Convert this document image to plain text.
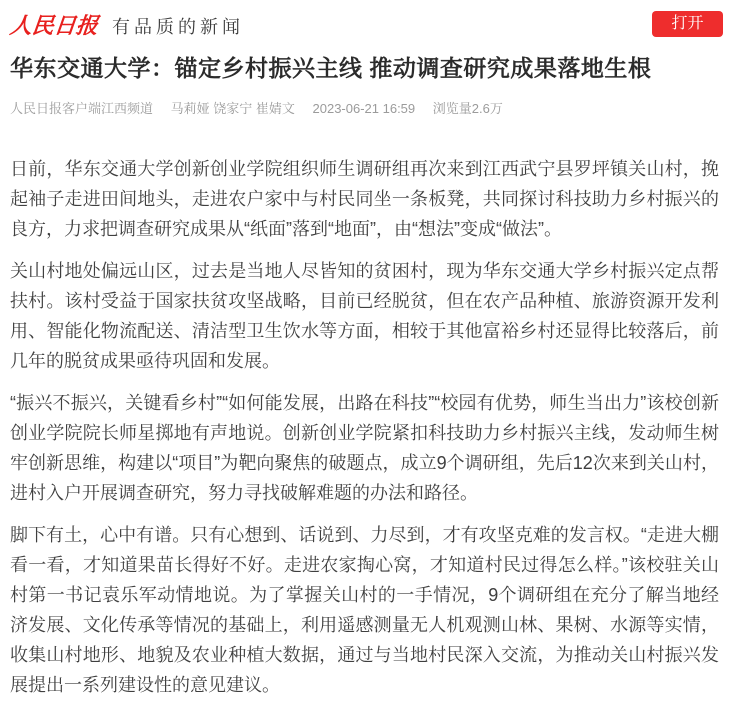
人民日报 有品质的新闻	打开
华东交通大学：锚定乡村振兴主线 推动调查研究成果落地生根
人民日报客户端江西频道 马莉娅 饶家宁 崔婧文 2023-06-21 16:59 浏览量2.6万

日前，华东交通大学创新创业学院组织师生调研组再次来到江西武宁县罗坪镇关山村，挽起袖子走进田间地头，走进农户家中与村民同坐一条板凳，共同探讨科技助力乡村振兴的良方，力求把调查研究成果从“纸面”落到“地面”，由“想法”变成“做法”。

关山村地处偏远山区，过去是当地人尽皆知的贫困村，现为华东交通大学乡村振兴定点帮扶村。该村受益于国家扶贫攻坚战略，目前已经脱贫，但在农产品种植、旅游资源开发利用、智能化物流配送、清洁型卫生饮水等方面，相较于其他富裕乡村还显得比较落后，前几年的脱贫成果亟待巩固和发展。

“振兴不振兴，关键看乡村”“如何能发展，出路在科技”“校园有优势，师生当出力”该校创新创业学院院长师星掷地有声地说。创新创业学院紧扣科技助力乡村振兴主线，发动师生树牢创新思维，构建以“项目”为靶向聚焦的破题点，成立9个调研组，先后12次来到关山村，进村入户开展调查研究，努力寻找破解难题的办法和路径。

脚下有土，心中有谱。只有心想到、话说到、力尽到，才有攻坚克难的发言权。“走进大棚看一看，才知道果苗长得好不好。走进农家掏心窝，才知道村民过得怎么样。”该校驻关山村第一书记袁乐军动情地说。为了掌握关山村的一手情况，9个调研组在充分了解当地经济发展、文化传承等情况的基础上，利用遥感测量无人机观测山林、果树、水源等实情，收集山村地形、地貌及农业种植大数据，通过与当地村民深入交流，为推动关山村振兴发展提出一系列建设性的意见建议。
